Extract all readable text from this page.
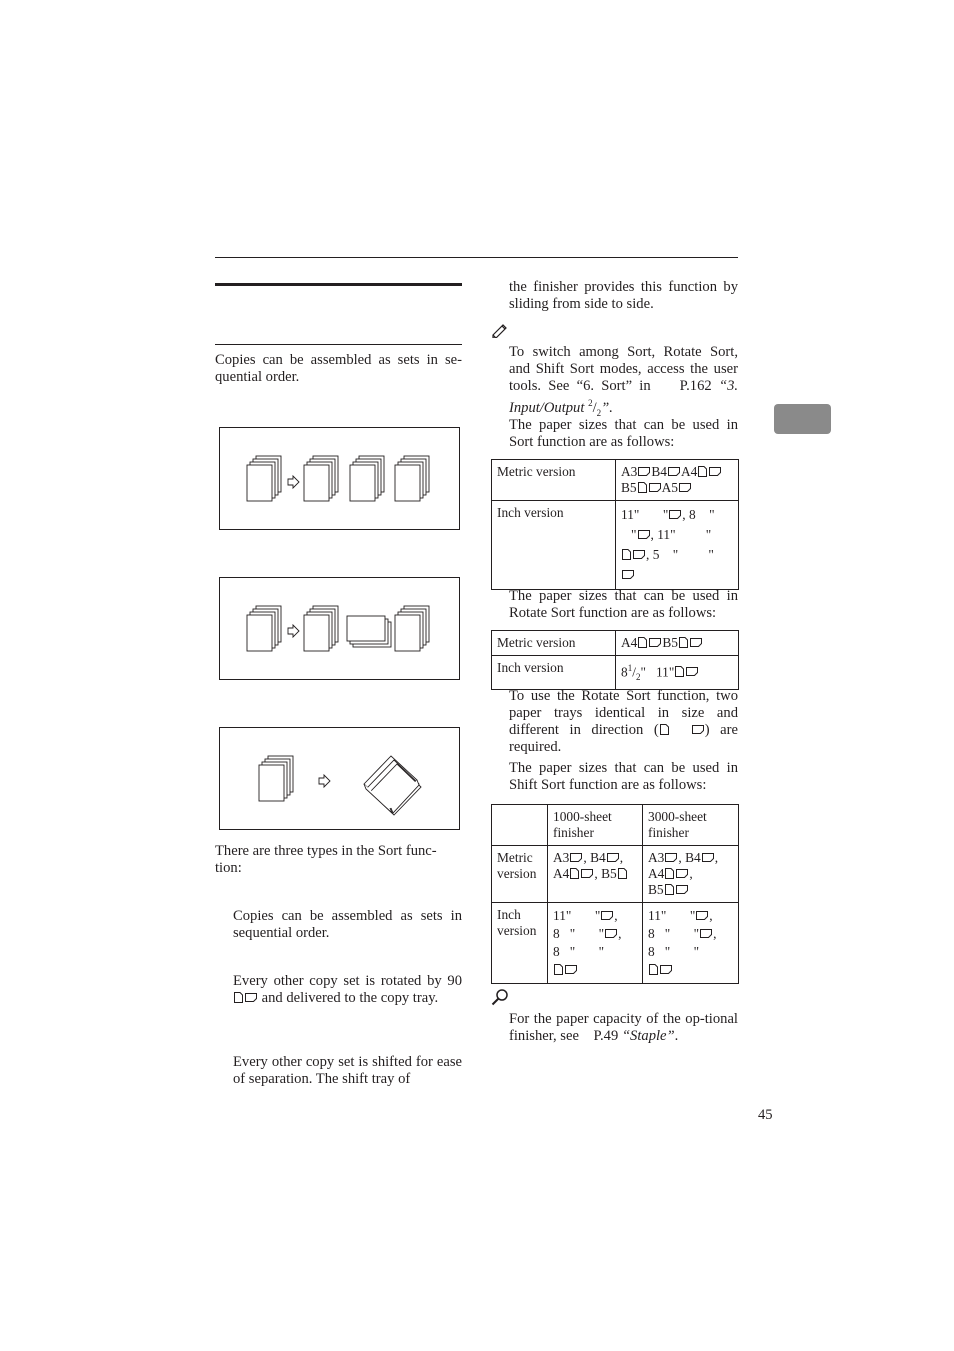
Copies can be assembled as sets in se-quential order.
There are three types in the Sort func-tion:
Copies can be assembled as sets in sequential order.
Every other copy set is rotated by 90  and delivered to the copy tray.
Every other copy set is shifted for ease of separation. The shift tray of
the finisher provides this function by sliding from side to side.
To switch among Sort, Rotate Sort, and Shift Sort modes, access the user tools. See “6. Sort” in P.162 “3. Input/Output $^2/_2$”.
The paper sizes that can be used in Sort function are as follows:
Metric version	A3 B4 A4
B5 A5
Inch version	11" " , 8 "
" , 11" "
, 5 " "

The paper sizes that can be used in Rotate Sort function are as follows:
Metric version	A4 B5
Inch version	$8^1/_2$"   11"
To use the Rotate Sort function, two paper trays identical in size and different in direction (	) are required.
The paper sizes that can be used in Shift Sort function are as follows:
	1000-sheet finisher	3000-sheet finisher
Metric version	A3 , B4 ,
A4 , B5	A3 , B4 ,
A4 ,
B5
Inch version	11" " ,
8 " " ,
8 " "	11" " ,
8 " " ,
8 " "

For the paper capacity of the op-tional finisher, see P.49 “Staple”.
45
